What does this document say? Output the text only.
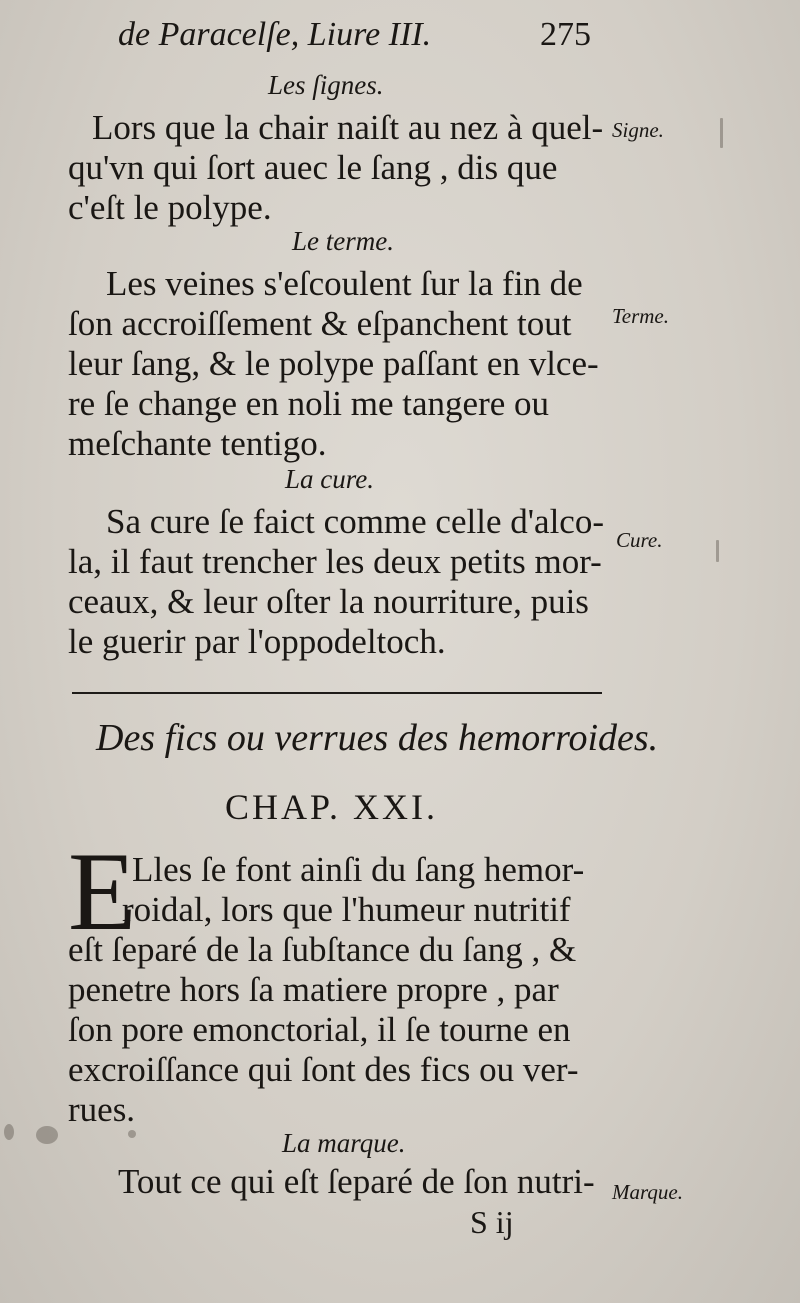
de Paracelſe, Liure III.	275
Les ſignes.
Lors que la chair naiſt au nez à quel-
qu'vn qui ſort auec le ſang , dis que
c'eſt le polype.
Signe.
Le terme.
Les veines s'eſcoulent ſur la fin de
ſon accroiſſement & eſpanchent tout
leur ſang, & le polype paſſant en vlce-
re ſe change en noli me tangere ou
meſchante tentigo.
Terme.
La cure.
Sa cure ſe faict comme celle d'alco-
la, il faut trencher les deux petits mor-
ceaux, & leur oſter la nourriture, puis
le guerir par l'oppodeltoch.
Cure.
Des fics ou verrues des hemorroides.
CHAP. XXI.
E
Lles ſe font ainſi du ſang hemor-
roidal, lors que l'humeur nutritif
eſt ſeparé de la ſubſtance du ſang , &
penetre hors ſa matiere propre , par
ſon pore emonctorial, il ſe tourne en
excroiſſance qui ſont des fics ou ver-
rues.
La marque.
Tout ce qui eſt ſeparé de ſon nutri- Marque.
S ij
